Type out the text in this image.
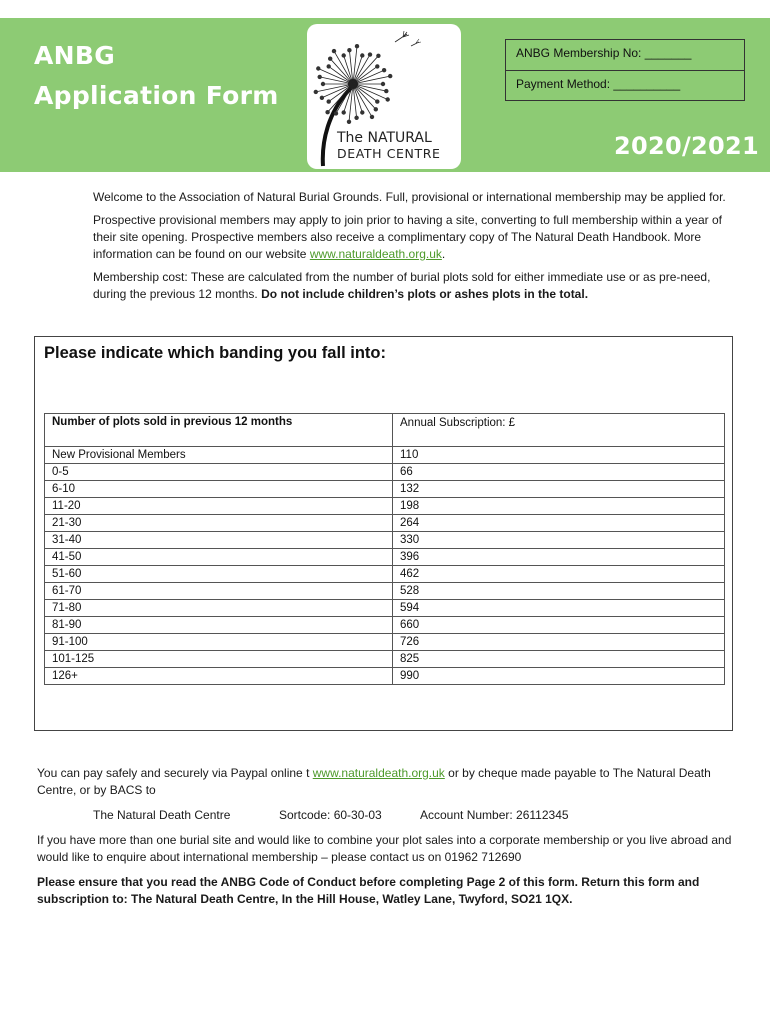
ANBG
Application Form
The NATURAL
DEATH CENTRE
ANBG Membership No: _______
Payment Method: __________
2020/2021

Welcome to the Association of Natural Burial Grounds. Full, provisional or international membership may be applied for.

Prospective provisional members may apply to join prior to having a site, converting to full membership within a year of their site opening. Prospective members also receive a complimentary copy of The Natural Death Handbook. More information can be found on our website www.naturaldeath.org.uk.

Membership cost: These are calculated from the number of burial plots sold for either immediate use or as pre-need, during the previous 12 months. Do not include children’s plots or ashes plots in the total.

Please indicate which banding you fall into:
Number of plots sold in previous 12 months	Annual Subscription: £
New Provisional Members	110
0-5	66
6-10	132
11-20	198
21-30	264
31-40	330
41-50	396
51-60	462
61-70	528
71-80	594
81-90	660
91-100	726
101-125	825
126+	990

You can pay safely and securely via Paypal online t www.naturaldeath.org.uk or by cheque made payable to The Natural Death Centre, or by BACS to

The Natural Death Centre	Sortcode: 60-30-03	Account Number: 26112345

If you have more than one burial site and would like to combine your plot sales into a corporate membership or you live abroad and would like to enquire about international membership – please contact us on 01962 712690

Please ensure that you read the ANBG Code of Conduct before completing Page 2 of this form. Return this form and subscription to: The Natural Death Centre, In the Hill House, Watley Lane, Twyford, SO21 1QX.
